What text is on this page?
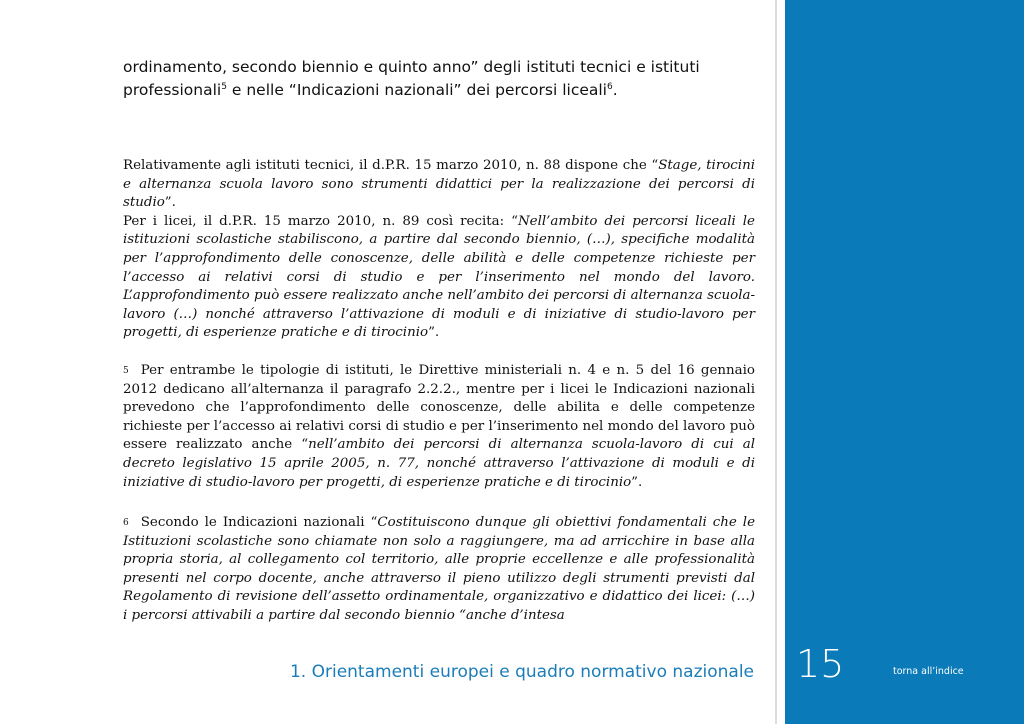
ordinamento, secondo biennio e quinto anno” degli istituti tecnici e istituti
professionali$^5$ e nelle “Indicazioni nazionali” dei percorsi liceali$^6$.
Relativamente agli istituti tecnici, il d.P.R. 15 marzo 2010, n. 88 dispone che “Stage, tirocini e alternanza scuola lavoro sono strumenti didattici per la realizzazione dei percorsi di studio”.
Per i licei, il d.P.R. 15 marzo 2010, n. 89 così recita: “Nell’ambito dei percorsi liceali le istituzioni scolastiche stabiliscono, a partire dal secondo biennio, (…), specifiche modalità per l’approfondimento delle conoscenze, delle abilità e delle competenze richieste per l’accesso ai relativi corsi di studio e per l’inserimento nel mondo del lavoro. L’approfondimento può essere realizzato anche nell’ambito dei percorsi di alternanza scuola-lavoro (…) nonché attraverso l’attivazione di moduli e di iniziative di studio-lavoro per progetti, di esperienze pratiche e di tirocinio”.
$^5$ Per entrambe le tipologie di istituti, le Direttive ministeriali n. 4 e n. 5 del 16 gennaio 2012 dedicano all’alternanza il paragrafo 2.2.2., mentre per i licei le Indicazioni nazionali prevedono che l’approfondimento delle conoscenze, delle abilita e delle competenze richieste per l’accesso ai relativi corsi di studio e per l’inserimento nel mondo del lavoro può essere realizzato anche “nell’ambito dei percorsi di alternanza scuola-lavoro di cui al decreto legislativo 15 aprile 2005, n. 77, nonché attraverso l’attivazione di moduli e di iniziative di studio-lavoro per progetti, di esperienze pratiche e di tirocinio”.
$^6$ Secondo le Indicazioni nazionali “Costituiscono dunque gli obiettivi fondamentali che le Istituzioni scolastiche sono chiamate non solo a raggiungere, ma ad arricchire in base alla propria storia, al collegamento col territorio, alle proprie eccellenze e alle professionalità presenti nel corpo docente, anche attraverso il pieno utilizzo degli strumenti previsti dal Regolamento di revisione dell’assetto ordinamentale, organizzativo e didattico dei licei: (…) i percorsi attivabili a partire dal secondo biennio “anche d’intesa
1. Orientamenti europei e quadro normativo nazionale 15	torna all’indice
